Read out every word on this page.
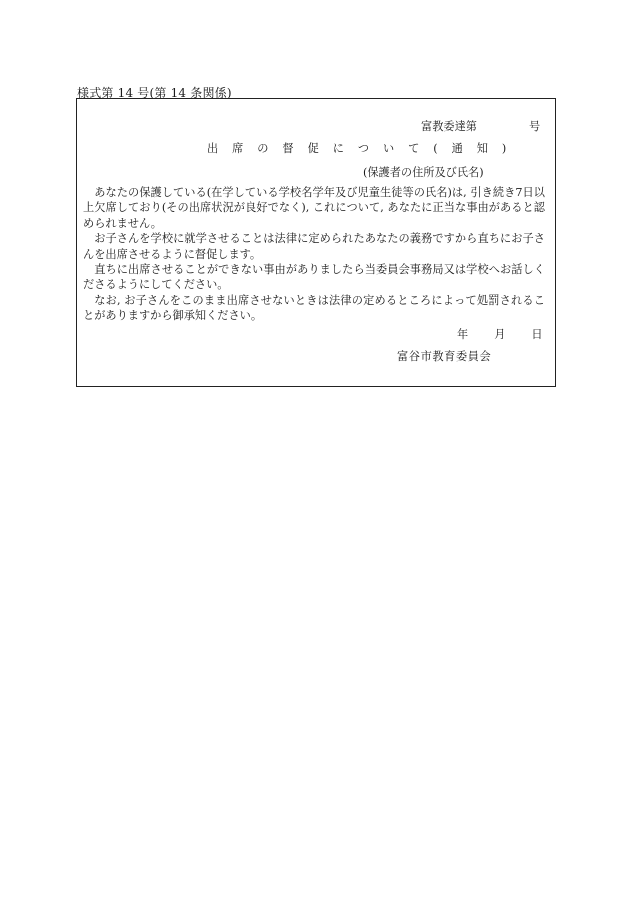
様式第 14 号(第 14 条関係)
富教委達第	号
出 席 の 督 促 に つ い て ( 通 知 )
(保護者の住所及び氏名)

あなたの保護している(在学している学校名学年及び児童生徒等の氏名)は, 引き続き7日以上欠席しており(その出席状況が良好でなく), これについて, あなたに正当な事由があると認められません。

お子さんを学校に就学させることは法律に定められたあなたの義務ですから直ちにお子さんを出席させるように督促します。

直ちに出席させることができない事由がありましたら当委員会事務局又は学校へお話しくださるようにしてください。

なお, お子さんをこのまま出席させないときは法律の定めるところによって処罰されることがありますから御承知ください。

年 月 日
富谷市教育委員会
